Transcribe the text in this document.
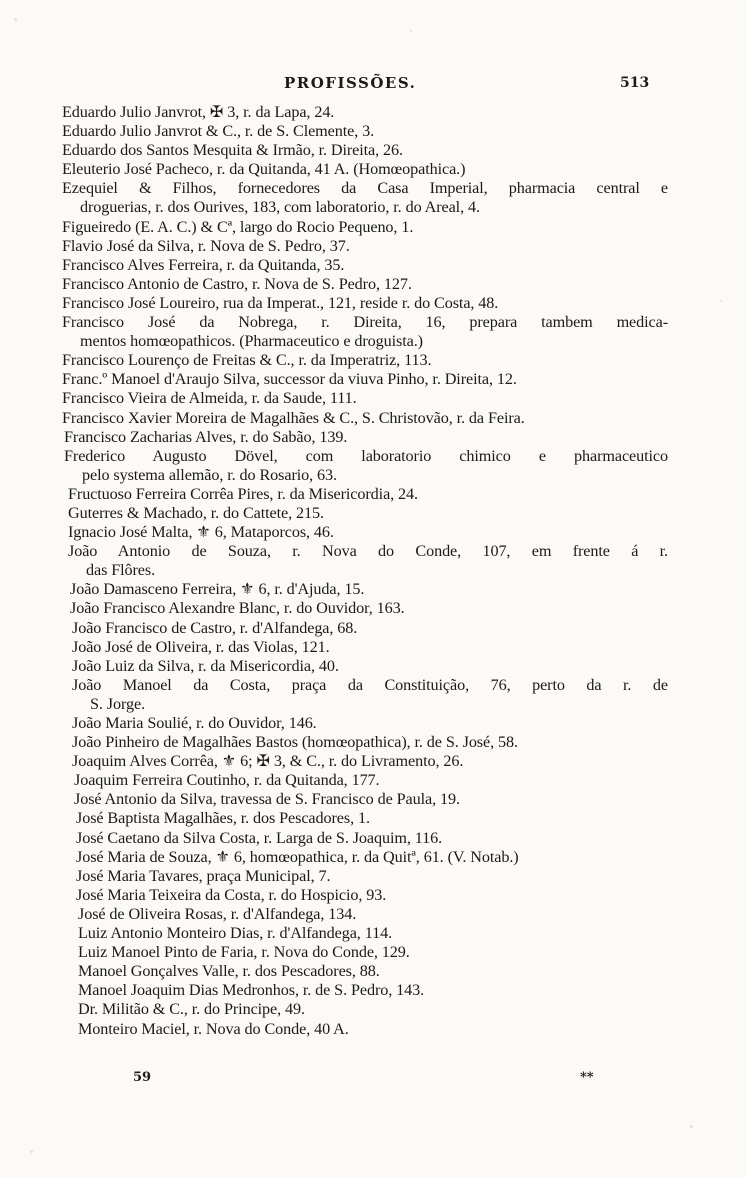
PROFISSÕES.	513
Eduardo Julio Janvrot, ✠ 3, r. da Lapa, 24.
Eduardo Julio Janvrot & C., r. de S. Clemente, 3.
Eduardo dos Santos Mesquita & Irmão, r. Direita, 26.
Eleuterio José Pacheco, r. da Quitanda, 41 A. (Homœopathica.)
Ezequiel & Filhos, fornecedores da Casa Imperial, pharmacia central e
droguerias, r. dos Ourives, 183, com laboratorio, r. do Areal, 4.
Figueiredo (E. A. C.) & Cª, largo do Rocio Pequeno, 1.
Flavio José da Silva, r. Nova de S. Pedro, 37.
Francisco Alves Ferreira, r. da Quitanda, 35.
Francisco Antonio de Castro, r. Nova de S. Pedro, 127.
Francisco José Loureiro, rua da Imperat., 121, reside r. do Costa, 48.
Francisco José da Nobrega, r. Direita, 16, prepara tambem medica-
mentos homœopathicos. (Pharmaceutico e droguista.)
Francisco Lourenço de Freitas & C., r. da Imperatriz, 113.
Franc.º Manoel d'Araujo Silva, successor da viuva Pinho, r. Direita, 12.
Francisco Vieira de Almeida, r. da Saude, 111.
Francisco Xavier Moreira de Magalhães & C., S. Christovão, r. da Feira.
Francisco Zacharias Alves, r. do Sabão, 139.
Frederico Augusto Dövel, com laboratorio chimico e pharmaceutico
pelo systema allemão, r. do Rosario, 63.
Fructuoso Ferreira Corrêa Pires, r. da Misericordia, 24.
Guterres & Machado, r. do Cattete, 215.
Ignacio José Malta, ⚜ 6, Mataporcos, 46.
João Antonio de Souza, r. Nova do Conde, 107, em frente á r.
das Flôres.
João Damasceno Ferreira, ⚜ 6, r. d'Ajuda, 15.
João Francisco Alexandre Blanc, r. do Ouvidor, 163.
João Francisco de Castro, r. d'Alfandega, 68.
João José de Oliveira, r. das Violas, 121.
João Luiz da Silva, r. da Misericordia, 40.
João Manoel da Costa, praça da Constituição, 76, perto da r. de
S. Jorge.
João Maria Soulié, r. do Ouvidor, 146.
João Pinheiro de Magalhães Bastos (homœopathica), r. de S. José, 58.
Joaquim Alves Corrêa, ⚜ 6; ✠ 3, & C., r. do Livramento, 26.
Joaquim Ferreira Coutinho, r. da Quitanda, 177.
José Antonio da Silva, travessa de S. Francisco de Paula, 19.
José Baptista Magalhães, r. dos Pescadores, 1.
José Caetano da Silva Costa, r. Larga de S. Joaquim, 116.
José Maria de Souza, ⚜ 6, homœopathica, r. da Quitª, 61. (V. Notab.)
José Maria Tavares, praça Municipal, 7.
José Maria Teixeira da Costa, r. do Hospicio, 93.
José de Oliveira Rosas, r. d'Alfandega, 134.
Luiz Antonio Monteiro Dias, r. d'Alfandega, 114.
Luiz Manoel Pinto de Faria, r. Nova do Conde, 129.
Manoel Gonçalves Valle, r. dos Pescadores, 88.
Manoel Joaquim Dias Medronhos, r. de S. Pedro, 143.
Dr. Militão & C., r. do Principe, 49.
Monteiro Maciel, r. Nova do Conde, 40 A.
59	**
